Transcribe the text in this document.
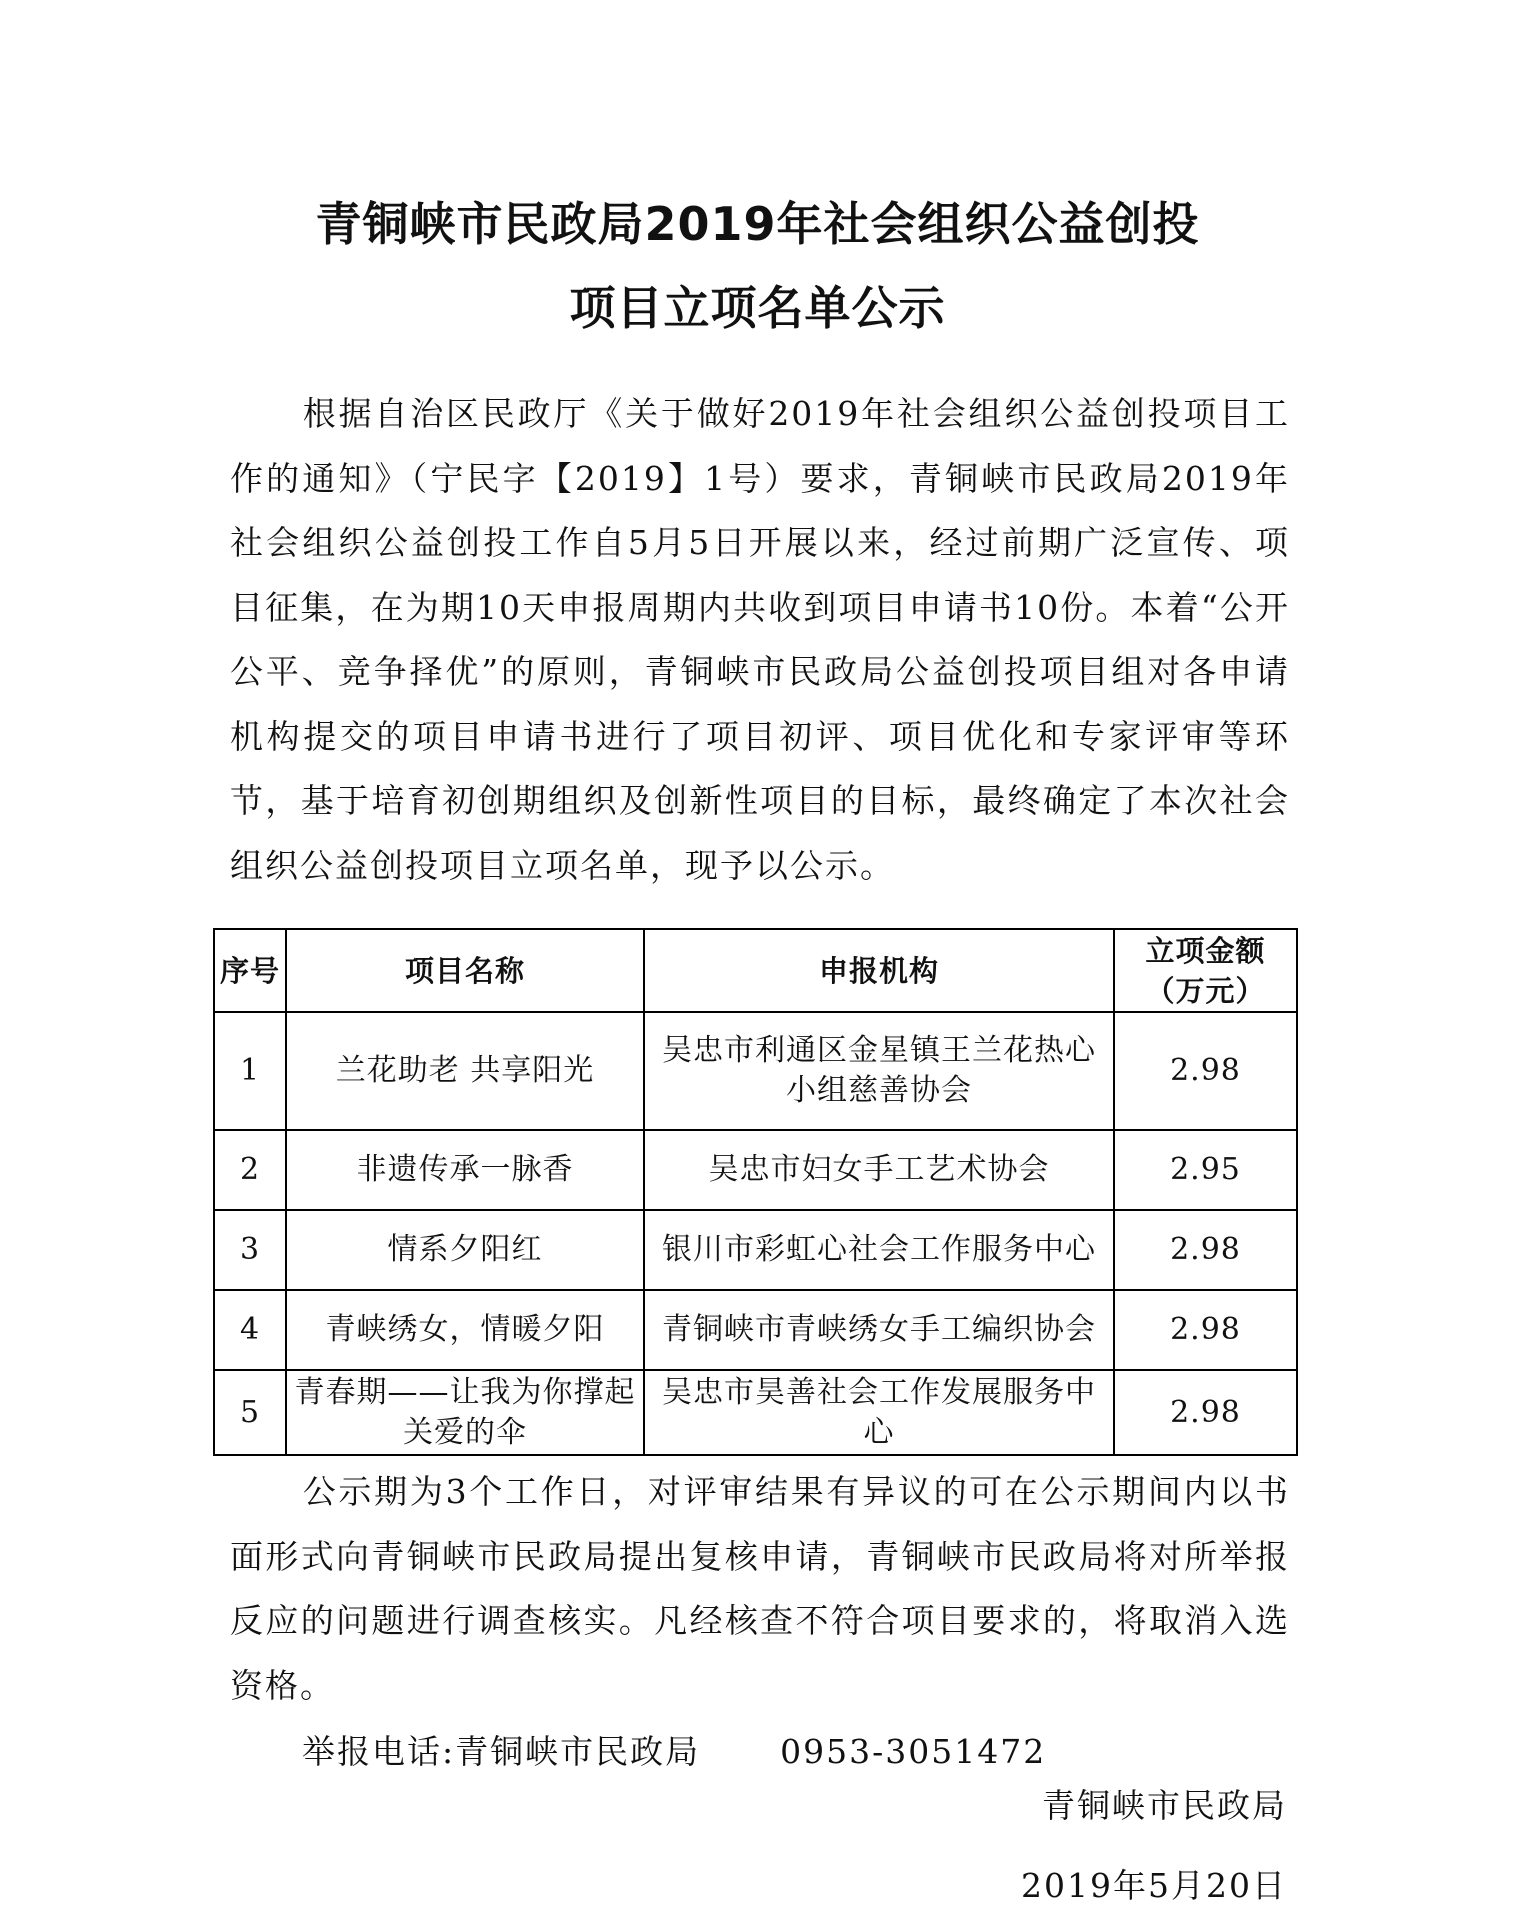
青铜峡市民政局2019年社会组织公益创投
项目立项名单公示

根据自治区民政厅《关于做好2019年社会组织公益创投项目工作的通知》（宁民字【2019】1号）要求，青铜峡市民政局2019年社会组织公益创投工作自5月5日开展以来，经过前期广泛宣传、项目征集，在为期10天申报周期内共收到项目申请书10份。本着“公开公平、竞争择优”的原则，青铜峡市民政局公益创投项目组对各申请机构提交的项目申请书进行了项目初评、项目优化和专家评审等环节，基于培育初创期组织及创新性项目的目标，最终确定了本次社会组织公益创投项目立项名单，现予以公示。

序号	项目名称	申报机构	立项金额（万元）
1	兰花助老 共享阳光	吴忠市利通区金星镇王兰花热心小组慈善协会	2.98
2	非遗传承一脉香	吴忠市妇女手工艺术协会	2.95
3	情系夕阳红	银川市彩虹心社会工作服务中心	2.98
4	青峡绣女，情暖夕阳	青铜峡市青峡绣女手工编织协会	2.98
5	青春期——让我为你撑起关爱的伞	吴忠市昊善社会工作发展服务中心	2.98

公示期为3个工作日，对评审结果有异议的可在公示期间内以书面形式向青铜峡市民政局提出复核申请，青铜峡市民政局将对所举报反应的问题进行调查核实。凡经核查不符合项目要求的，将取消入选资格。

举报电话:青铜峡市民政局 0953-3051472

青铜峡市民政局

2019年5月20日
